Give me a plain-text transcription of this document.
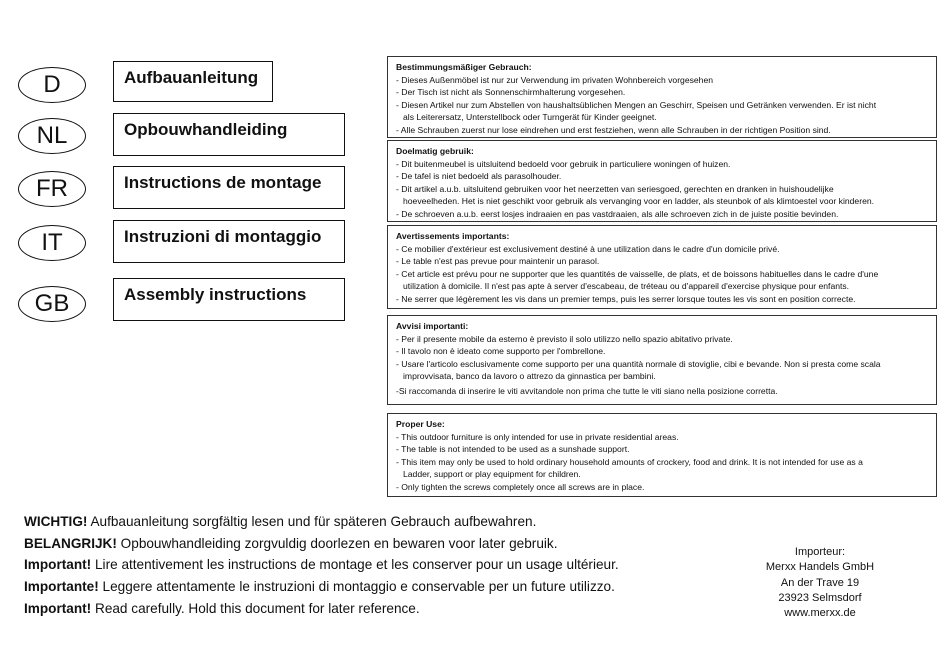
D	Aufbauanleitung
NL	Opbouwhandleiding
FR	Instructions de montage
IT	Instruzioni di montaggio
GB	Assembly instructions
Bestimmungsmäßiger Gebrauch:
- Dieses Außenmöbel ist nur zur Verwendung im privaten Wohnbereich vorgesehen
- Der Tisch ist nicht als Sonnenschirmhalterung vorgesehen.
- Diesen Artikel nur zum Abstellen von haushaltsüblichen Mengen an Geschirr, Speisen und Getränken verwenden. Er ist nicht
als Leiterersatz, Unterstellbock oder Turngerät für Kinder geeignet.
- Alle Schrauben zuerst nur lose eindrehen und erst festziehen, wenn alle Schrauben in der richtigen Position sind.
Doelmatig gebruik:
- Dit buitenmeubel is uitsluitend bedoeld voor gebruik in particuliere woningen of huizen.
- De tafel is niet bedoeld als parasolhouder.
- Dit artikel a.u.b. uitsluitend gebruiken voor het neerzetten van seriesgoed, gerechten en dranken in huishoudelijke
hoeveelheden. Het is niet geschikt voor gebruik als vervanging voor en ladder, als steunbok of als klimtoestel voor kinderen.
- De schroeven a.u.b. eerst losjes indraaien en pas vastdraaien, als alle schroeven zich in de juiste positie bevinden.
Avertissements importants:
- Ce mobilier d'extérieur est exclusivement destiné à une utilization dans le cadre d'un domicile privé.
- Le table n'est pas prevue pour maintenir un parasol.
- Cet article est prévu pour ne supporter que les quantités de vaisselle, de plats, et de boissons habituelles dans le cadre d'une
utilization à domicile. Il n'est pas apte à server d'escabeau, de tréteau ou d'appareil d'exercise physique pour enfants.
- Ne serrer que légèrement les vis dans un premier temps, puis les serrer lorsque toutes les vis sont en position correcte.
Avvisi importanti:
- Per il presente mobile da esterno è previsto il solo utilizzo nello spazio abitativo private.
- Il tavolo non è ideato come supporto per l'ombrellone.
- Usare l'articolo esclusivamente come supporto per una quantità normale di stoviglie, cibi e bevande. Non si presta come scala
improvvisata, banco da lavoro o attrezo da ginnastica per bambini.
-Si raccomanda di inserire le viti avvitandole non prima che tutte le viti siano nella posizione corretta.
Proper Use:
- This outdoor furniture is only intended for use in private residential areas.
- The table is not intended to be used as a sunshade support.
- This item may only be used to hold ordinary household amounts of crockery, food and drink. It is not intended for use as a
Ladder, support or play equipment for children.
- Only tighten the screws completely once all screws are in place.
WICHTIG! Aufbauanleitung sorgfältig lesen und für späteren Gebrauch aufbewahren.
BELANGRIJK! Opbouwhandleiding zorgvuldig doorlezen en bewaren voor later gebruik.
Important! Lire attentivement les instructions de montage et les conserver pour un usage ultérieur.
Importante! Leggere attentamente le instruzioni di montaggio e conservable per un future utilizzo.
Important! Read carefully. Hold this document for later reference.
Importeur:
Merxx Handels GmbH
An der Trave 19
23923 Selmsdorf
www.merxx.de
